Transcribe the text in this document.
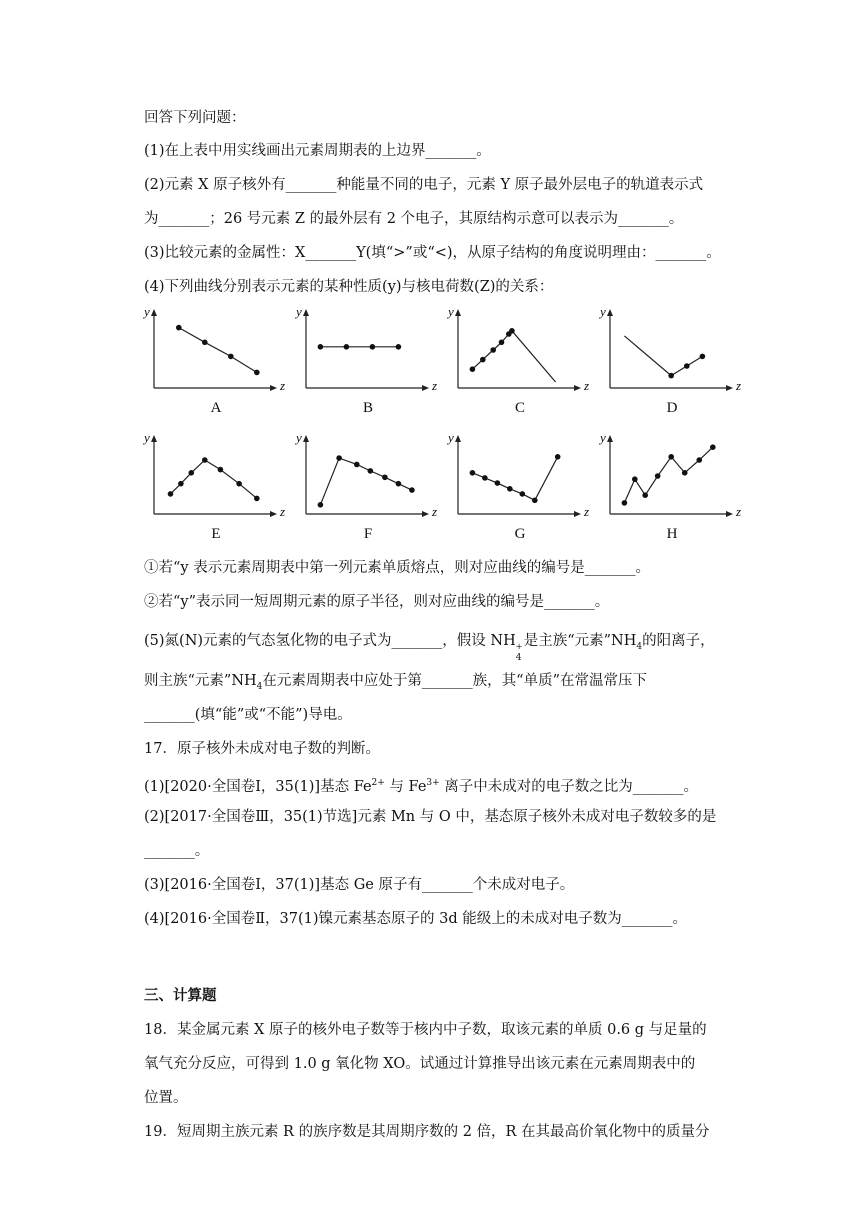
回答下列问题：
(1)在上表中用实线画出元素周期表的上边界_______。
(2)元素 X 原子核外有_______种能量不同的电子，元素 Y 原子最外层电子的轨道表示式
为_______；26 号元素 Z 的最外层有 2 个电子，其原结构示意可以表示为_______。
(3)比较元素的金属性：X_______Y(填“>”或“<)，从原子结构的角度说明理由：_______。
(4)下列曲线分别表示元素的某种性质(y)与核电荷数(Z)的关系：
y
z
A
y
z
B
y
z
C
y
z
D
y
z
E
y
z
F
y
z
G
y
z
H
①若“y 表示元素周期表中第一列元素单质熔点，则对应曲线的编号是_______。
②若“y”表示同一短周期元素的原子半径，则对应曲线的编号是_______。
(5)氮(N)元素的气态氢化物的电子式为_______，假设 NH +
4
是主族“元素$”NH_4$的阳离子，
则主族“元素$”NH_4$在元素周期表中应处于第_______族，其“单质”在常温常压下
_______(填“能”或“不能”)导电。
17．原子核外未成对电子数的判断。
(1)[2020·全国卷Ⅰ，35(1)]基态 $Fe^{2+}$ 与 $Fe^{3+}$ 离子中未成对的电子数之比为_______。
(2)[2017·全国卷Ⅲ，35(1)节选]元素 Mn 与 O 中，基态原子核外未成对电子数较多的是
_______。
(3)[2016·全国卷Ⅰ，37(1)]基态 Ge 原子有_______个未成对电子。
(4)[2016·全国卷Ⅱ，37(1)镍元素基态原子的 3d 能级上的未成对电子数为_______。
三、计算题
18．某金属元素 X 原子的核外电子数等于核内中子数，取该元素的单质 0.6 g 与足量的
氧气充分反应，可得到 1.0 g 氧化物 XO。试通过计算推导出该元素在元素周期表中的
位置。
19．短周期主族元素 R 的族序数是其周期序数的 2 倍，R 在其最高价氧化物中的质量分
